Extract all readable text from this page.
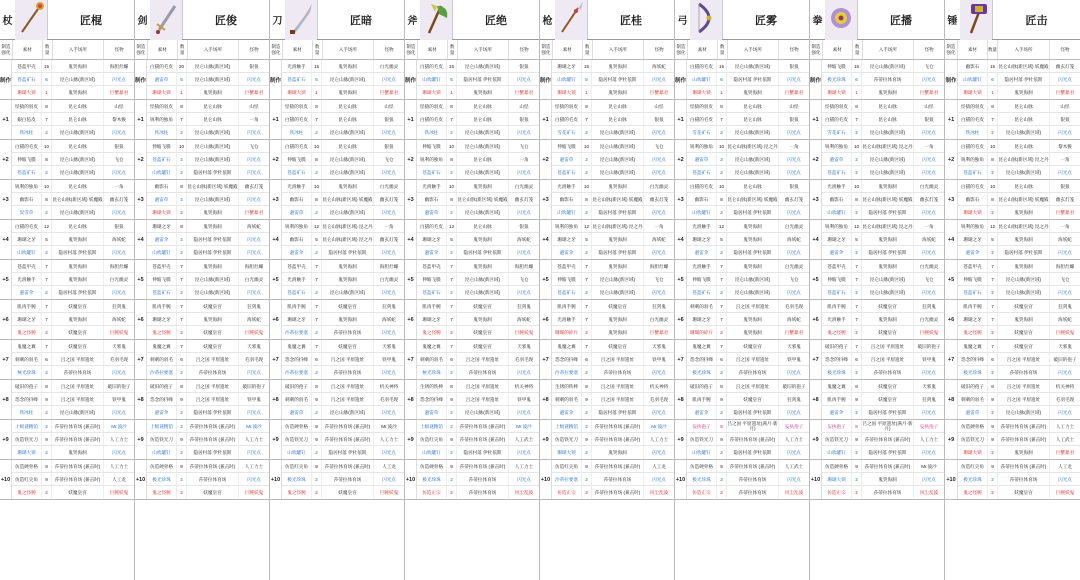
杖	匠棍
制造强化
素材
数量
入手场所	怪物
制作
苍蓝甲壳	15	鬼哭海洞	海胆灶螺
苍蓝矿石	6	昆仑山脉(新区域)	闪光点
珊瑚大锁	1	鬼哭海洞	巨蟹暴君
+1
怪猿的羽皮	8	昆仑山脉	山怪
銀白毡皮	7	昆仑山脉	黎木猴
铁冰柱	2	昆仑山脉(新区域)	闪光点
+2
白猫的毛皮	10	昆仑山脉	银狼
伸缩飞膜	8	昆仑山脉(新区域)	飞仓
苍蓝矿石	2	昆仑山脉(新区域)	闪光点
+3
锐利的独角	10	昆仑山脉	一角
幽影石	8 昆仑山脉(新区域) 妖魔殿	幽玄灯笼
炭雪草	2	昆仑山脉(新区域)	闪光点
+4
白猫的毛皮	12	昆仑山脉	银狼
珊瑚之牙	5	鬼哭海洞	海妖蛇
山吹罐钉	2	隐居村落 伊杜依斯	闪光点
+5
苍蓝甲壳	7	鬼哭海洞	海胆灶螺
光滑触手	7	鬼哭海洞	白光幽灵
避雷伞	2	隐居村落 伊杜依斯	闪光点
+6
肌肉手腕	7	妖魔皇宫	狂剑鬼
珊瑚之牙	7	鬼哭海洞	海妖蛇
鬼之怪腕	2	妖魔皇宫	巨腕妖鬼
+7
鬼魔之翼	7	妖魔皇宫	天邪鬼
刺刺的羽毛	6	吕之国 平原遗址	毛羽毛现
極光珍珠	2	莎蒂拉体育场	闪光点
+8
破旧的孢子	8	吕之国 平原遗址	破旧的孢子
怨念的抖峰	9	吕之国 平原遗址	铁甲鬼
铁冰柱	2	昆仑山脉(新区域)	闪光点
+9
上级谜精馆	2	莎蒂拉体育场 (兼击时)	Mr.波沙
仿造铁光刀	9	莎蒂拉体育场 (兼击时)	人工力士
珊瑚大锁	2	鬼哭海洞	闪光点
+10
仿造硬骨格	9	莎蒂拉体育场 (兼击时)	人工力士
仿造红尖角	9	莎蒂拉体育场 (兼击时)	人工龙
鬼之怪腕	2	妖魔皇宫	巨腕妖鬼
剑	匠俊
制造强化
素材
数量
入手场所	怪物
制作
白猫的毛皮	20	昆仑山脉(新区域)	银狼
避雷草	5	昆仑山脉(新区域)	闪光点
珊瑚大锁	1	鬼哭海洞	巨蟹暴君
+1
怪猿的羽皮	8	昆仑山脉	山怪
锐利的独角	7	昆仑山脉	一角
铁冰柱	2	昆仑山脉(新区域)	闪光点
+2
伸缩飞膜	10	昆仑山脉(新区域)	飞仓
苍蓝矿石	2	昆仑山脉(新区域)	闪光点
山吹罐钉	2	隐居村落 伊杜依斯	闪光点
+3
幽影石	8 昆仑山脉(新区域) 妖魔殿	幽玄灯笼
避雷草	2	昆仑山脉(新区域)	闪光点
珊瑚大锁	2	鬼哭海洞	巨蟹暴君
+4
珊瑚之牙	8	鬼哭海洞	海妖蛇
避雷伞	2	隐居村落 伊杜依斯	闪光点
山吹罐钉	2	隐居村落 伊杜依斯	闪光点
+5
苍蓝甲壳	7	鬼哭海洞	海胆灶螺
伸缩飞膜	7	昆仑山脉(新区域)	白光幽灵
苍蓝矿石	2	昆仑山脉(新区域)	闪光点
+6
肌肉手腕	7	妖魔皇宫	狂剑鬼
珊瑚之牙	7	鬼哭海洞	海妖蛇
鬼之怪腕	2	妖魔皇宫	巨腕妖鬼
+7
鬼魔之翼	7	妖魔皇宫	天邪鬼
刺刺的羽毛	6	吕之国 平原遗址	毛羽毛现
沙蒂拉要塞	2	莎蒂拉体育场	闪光点
+8
破旧的孢子	8	吕之国 平原遗址	破旧的孢子
怨念的抖峰	9	吕之国 平原遗址	铁甲鬼
避雷伞	2	隐居村落 伊杜依斯	闪光点
+9
上级谜精馆	2	莎蒂拉体育场 (兼击时)	Mr.波沙
仿造铁光刀	9	莎蒂拉体育场 (兼击时)	人工力士
山吹罐钉	2	隐居村落 伊杜依斯	闪光点
+10
仿造硬骨格	9	莎蒂拉体育场 (兼击时)	人工力士
极光珍珠	2	莎蒂拉体育场	闪光点
鬼之怪腕	2	妖魔皇宫	巨腕妖鬼
刀	匠暗
制造强化
素材
数量
入手场所	怪物
制作
光滑触手	15	鬼哭海洞	白光幽灵
苍蓝矿石	5	昆仑山脉(新区域)	闪光点
珊瑚大锁	1	鬼哭海洞	巨蟹暴君
+1
怪猿的羽皮	8	昆仑山脉	山怪
白猫的毛皮	7	昆仑山脉	银狼
铁冰柱	2	昆仑山脉(新区域)	闪光点
+2
白猫的毛皮	10	昆仑山脉	银狼
伸缩飞膜	8	昆仑山脉(新区域)	飞仓
苍蓝矿石	2	昆仑山脉(新区域)	闪光点
+3
光滑触手	10	鬼哭海洞	白光幽灵
幽影石	8 昆仑山脉(新区域) 妖魔殿	幽玄灯笼
避雷草	2	昆仑山脉(新区域)	闪光点
+4
锐利的独角	12 昆仑山脉(新区域) 昆之丹	一角
幽影石	5 昆仑山脉(新区域) 昆之丹	幽玄灯笼
避雷伞	2	隐居村落 伊杜依斯	闪光点
+5
苍蓝甲壳	7	鬼哭海洞	海胆灶螺
光滑触手	7	鬼哭海洞	白光幽灵
苍蓝矿石	2	昆仑山脉(新区域)	闪光点
+6
肌肉手腕	7	妖魔皇宫	狂剑鬼
珊瑚之牙	7	鬼哭海洞	海妖蛇
沙蒂拉要塞	2	莎蒂拉体育场	闪光点
+7
鬼魔之翼	7	妖魔皇宫	天邪鬼
怨念的抖峰	6	吕之国 平原遗址	铁甲鬼
沙蒂拉要塞	2	莎蒂拉体育场	闪光点
+8
破旧的孢子	8	吕之国 平原遗址	机关神将
刺刺的羽毛	9	吕之国 平原遗址	毛羽毛现
避雷草	2	昆仑山脉(新区域)	闪光点
+9
仿造硬骨格	9	莎蒂拉体育场 (兼击时)	Mr.波沙
仿造铁光刀	9	莎蒂拉体育场 (兼击时)	人工力士
山吹罐钉	2	隐居村落 伊杜依斯	闪光点
+10
仿造红尖角	9	莎蒂拉体育场 (兼击时)	人工龙
极光珍珠	2	莎蒂拉体育场	闪光点
鬼之怪腕	2	妖魔皇宫	巨腕妖鬼
斧	匠绝
制造强化
素材
数量
入手场所	怪物
制作
白猫的毛皮	15	昆仑山脉(新区域)	银狼
山吹罐钉	5	隐居村落 伊杜依斯	闪光点
珊瑚大锁	1	鬼哭海洞	巨蟹暴君
+1
怪猿的羽皮	8	昆仑山脉	山怪
白猫的毛皮	7	昆仑山脉	银狼
铁冰柱	2	昆仑山脉(新区域)	闪光点
+2
伸缩飞膜	10	昆仑山脉(新区域)	飞仓
锐利的独角	8	昆仑山脉	一角
苍蓝矿石	2	昆仑山脉(新区域)	闪光点
+3
光滑触手	10	鬼哭海洞	白光幽灵
幽影石	8 昆仑山脉(新区域) 妖魔殿	幽玄灯笼
避雷草	2	昆仑山脉(新区域)	闪光点
+4
白猫的毛皮	12	昆仑山脉	银狼
珊瑚之牙	5	鬼哭海洞	海妖蛇
避雷伞	2	隐居村落 伊杜依斯	闪光点
+5
苍蓝甲壳	7	鬼哭海洞	海胆灶螺
伸缩飞膜	7	昆仑山脉(新区域)	飞仓
苍蓝矿石	2	昆仑山脉(新区域)	闪光点
+6
肌肉手腕	7	妖魔皇宫	狂剑鬼
珊瑚之牙	7	鬼哭海洞	海妖蛇
鬼之怪腕	2	妖魔皇宫	巨腕妖鬼
+7
鬼魔之翼	7	妖魔皇宫	天邪鬼
刺刺的羽毛	6	吕之国 平原遗址	毛羽毛现
極光珍珠	2	莎蒂拉体育场	闪光点
+8
生锈的铁棒	8	吕之国 平原遗址	机关神将
怨念的抖峰	9	吕之国 平原遗址	铁甲鬼
避雷草	2	昆仑山脉(新区域)	闪光点
+9
上级谜精馆	2	莎蒂拉体育场 (兼击时)	Mr.波沙
仿造红尖角	9	莎蒂拉体育场 (兼击时)	人工武士
山吹罐钉	2	隐居村落 伊杜依斯	闪光点
+10
仿造硬骨格	9	莎蒂拉体育场 (兼击时)	人工力士
极光珍珠	2	莎蒂拉体育场	闪光点
仿造正宗	2	莎蒂拉体育场	风尘乱波
枪	匠桂
制造强化
素材
数量
入手场所	怪物
制作
珊瑚之牙	15	鬼哭海洞	海妖蛇
山吹罐钉	5	隐居村落 伊杜依斯	闪光点
珊瑚大锁	1	鬼哭海洞	巨蟹暴君
+1
怪猿的羽皮	8	昆仑山脉	山怪
白猫的毛皮	7	昆仑山脉	银狼
雪花矿石	2	昆仑山脉(新区域)	闪光点
+2
伸缩飞膜	10	昆仑山脉(新区域)	飞仓
避雷草	2	昆仑山脉(新区域)	闪光点
苍蓝矿石	2	昆仑山脉(新区域)	闪光点
+3
光滑触手	10	鬼哭海洞	白光幽灵
幽影石	8 昆仑山脉(新区域) 妖魔殿	幽玄灯笼
山吹罐钉	2	隐居村落 伊杜依斯	闪光点
+4
锐利的独角	12 昆仑山脉(新区域) 昆之丹	一角
珊瑚之牙	5	鬼哭海洞	海妖蛇
避雷伞	2	隐居村落 伊杜依斯	闪光点
+5
苍蓝甲壳	7	鬼哭海洞	海胆灶螺
伸缩飞膜	7	昆仑山脉(新区域)	飞仓
苍蓝矿石	2	昆仑山脉(新区域)	闪光点
+6
肌肉手腕	7	妖魔皇宫	狂剑鬼
光滑触手	7	鬼哭海洞	白光幽灵
珊瑚的碎片	2	鬼哭海洞	巨蟹暴君
+7
鬼魔之翼	7	妖魔皇宫	天邪鬼
怨念的抖峰	6	吕之国 平原遗址	铁甲鬼
沙蒂拉要塞	2	莎蒂拉体育场	闪光点
+8
生锈的铁棒	8	吕之国 平原遗址	机关神将
刺刺的羽毛	9	吕之国 平原遗址	毛羽毛现
避雷伞	2	隐居村落 伊杜依斯	闪光点
+9
上级谜精馆	2	莎蒂拉体育场 (兼击时)	Mr.波沙
仿造铁光刀	9	莎蒂拉体育场 (兼击时)	人工力士
珊瑚大锁	2	鬼哭海洞	闪光点
+10
仿造红尖角	9	莎蒂拉体育场 (兼击时)	人工龙
沙蒂拉要塞	2	莎蒂拉体育场	闪光点
仿造正宗	2	莎蒂拉体育场 (兼击时)	风尘乱波
弓	匠雾
制造强化
素材
数量
入手场所	怪物
制作
白猫的毛皮	15	昆仑山脉(新区域)	银狼
山吹罐钉	6	隐居村落 伊杜依斯	闪光点
珊瑚大锁	1	鬼哭海洞	巨蟹暴君
+1
怪猿的羽皮	8	昆仑山脉	山怪
白猫的毛皮	7	昆仑山脉	银狼
雪花矿石	2	昆仑山脉(新区域)	闪光点
+2
锐利的独角	10 昆仑山脉(新区域) 昆之丹	一角
避雷草	2	昆仑山脉(新区域)	闪光点
苍蓝矿石	2	昆仑山脉(新区域)	闪光点
+3
白猫的毛皮	10	昆仑山脉	银狼
幽影石	8 昆仑山脉(新区域) 妖魔殿	幽玄灯笼
山吹罐钉	2	隐居村落 伊杜依斯	闪光点
+4
光滑触手	12	鬼哭海洞	白光幽灵
珊瑚之牙	5	鬼哭海洞	海妖蛇
避雷伞	2	隐居村落 伊杜依斯	闪光点
+5
光滑触手	7	鬼哭海洞	白光幽灵
伸缩飞膜	7	昆仑山脉(新区域)	飞仓
苍蓝矿石	2	昆仑山脉(新区域)	闪光点
+6
刺刺的羽毛	7	吕之国 平原遗址	毛羽毛现
珊瑚之牙	7	鬼哭海洞	海妖蛇
珊瑚的碎片	2	鬼哭海洞	巨蟹暴君
+7
鬼魔之翼	7	妖魔皇宫	天邪鬼
怨念的抖峰	6	吕之国 平原遗址	铁甲鬼
极光珍珠	2	莎蒂拉体育场	闪光点
+8
破旧的孢子	8	吕之国 平原遗址	破旧的孢子
肌肉手腕	9	妖魔皇宫	狂剑鬼
避雷伞	2	隐居村落 伊杜依斯	闪光点
+9
妄执孢子	8 吕之国 平原遗址(满月·新月)	妄执孢子
仿造铁光刀	9	莎蒂拉体育场 (兼击时)	人工力士
山吹罐钉	2	隐居村落 伊杜依斯	闪光点
+10
仿造硬骨格	9	莎蒂拉体育场 (兼击时)	人工武士
极光珍珠	2	莎蒂拉体育场	闪光点
仿造正宗	2	莎蒂拉体育场	风尘乱波
拳	匠播
制造强化
素材
数量
入手场所	怪物
制作
伸缩飞膜	15	昆仑山脉(新区域)	飞仓
极光珍珠	6	莎蒂拉体育场	闪光点
珊瑚大锁	1	鬼哭海洞	巨蟹暴君
+1
怪猿的羽皮	8	昆仑山脉	山怪
白猫的毛皮	7	昆仑山脉	银狼
雪花矿石	2	昆仑山脉(新区域)	闪光点
+2
锐利的独角	10 昆仑山脉(新区域) 昆之丹	一角
避雷草	2	昆仑山脉(新区域)	闪光点
苍蓝矿石	2	昆仑山脉(新区域)	闪光点
+3
光滑触手	10	鬼哭海洞	白光幽灵
幽影石	8 昆仑山脉(新区域) 妖魔殿	幽玄灯笼
山吹罐钉	2	隐居村落 伊杜依斯	闪光点
+4
锐利的独角	12 昆仑山脉(新区域) 昆之丹	一角
珊瑚之牙	5	鬼哭海洞	海妖蛇
避雷伞	2	隐居村落 伊杜依斯	闪光点
+5
苍蓝甲壳	7	鬼哭海洞	白光幽灵
伸缩飞膜	7	昆仑山脉(新区域)	飞仓
苍蓝矿石	2	昆仑山脉(新区域)	闪光点
+6
肌肉手腕	7	妖魔皇宫	狂剑鬼
光滑触手	7	鬼哭海洞	白光幽灵
鬼之怪腕	2	妖魔皇宫	巨腕妖鬼
+7
破旧的孢子	7	吕之国 平原遗址	破旧的孢子
怨念的抖峰	6	吕之国 平原遗址	铁甲鬼
极光珍珠	2	莎蒂拉体育场	闪光点
+8
鬼魔之翼	8	妖魔皇宫	天邪鬼
肌肉手腕	9	妖魔皇宫	狂剑鬼
避雷伞	2	隐居村落 伊杜依斯	闪光点
+9
妄执孢子	8 吕之国 平原遗址(满月·新月)	妄执孢子
仿造铁光刀	9	莎蒂拉体育场 (兼击时)	人工力士
山吹罐钉	2	隐居村落 伊杜依斯	闪光点
+10
仿造硬骨格	9	莎蒂拉体育场 (兼击时)	Mr.波沙
珊瑚大锁	2	鬼哭海洞	闪光点
仿造正宗	2	莎蒂拉体育场	风尘乱波
锤	匠击
制造强化
素材	数量	入手场所	怪物
制作
幽影石	15 昆仑山脉(新区域) 妖魔殿	幽玄灯笼
山吹罐钉	6	隐居村落 伊杜依斯	闪光点
珊瑚大锁	1	鬼哭海洞	巨蟹暴君
+1
怪猿的羽皮	8	昆仑山脉	山怪
白猫的毛皮	7	昆仑山脉	银狼
铁冰柱	2	昆仑山脉(新区域)	闪光点
+2
白猫的毛皮	10	昆仑山脉	黎木猴
锐利的独角	8 昆仑山脉(新区域) 昆之丹	一角
苍蓝矿石	2	昆仑山脉(新区域)	闪光点
+3
白猫的毛皮	10	昆仑山脉	银狼
幽影石	8 昆仑山脉(新区域) 妖魔殿	幽玄灯笼
珊瑚大锁	2	鬼哭海洞	巨蟹暴君
+4
锐利的独角	12 昆仑山脉(新区域) 昆之丹	一角
珊瑚之牙	5	鬼哭海洞	海妖蛇
避雷伞	2	隐居村落 伊杜依斯	闪光点
+5
苍蓝甲壳	7	鬼哭海洞	海胆灶螺
伸缩飞膜	7	昆仑山脉(新区域)	飞仓
苍蓝矿石	2	昆仑山脉(新区域)	闪光点
+6
肌肉手腕	7	妖魔皇宫	狂剑鬼
珊瑚之牙	7	鬼哭海洞	海妖蛇
鬼之怪腕	2	妖魔皇宫	巨腕妖鬼
+7
鬼魔之翼	7	妖魔皇宫	天邪鬼
怨念的抖峰	6	吕之国 平原遗址	破旧的孢子
极光珍珠	2	莎蒂拉体育场	闪光点
+8
破旧的孢子	8	吕之国 平原遗址	机关神将
刺刺的羽毛	9	吕之国 平原遗址	毛羽毛现
避雷草	2	昆仑山脉(新区域)	闪光点
+9
仿造硬骨格	9	莎蒂拉体育场 (兼击时)	人工力士
仿造铁光刀	9	莎蒂拉体育场 (兼击时)	人工武士
珊瑚大锁	2	鬼哭海洞	巨蟹暴君
+10
仿造红尖角	9	莎蒂拉体育场 (兼击时)	人工龙
极光珍珠	2	莎蒂拉体育场	闪光点
鬼之怪腕	2	妖魔皇宫	巨腕妖鬼
